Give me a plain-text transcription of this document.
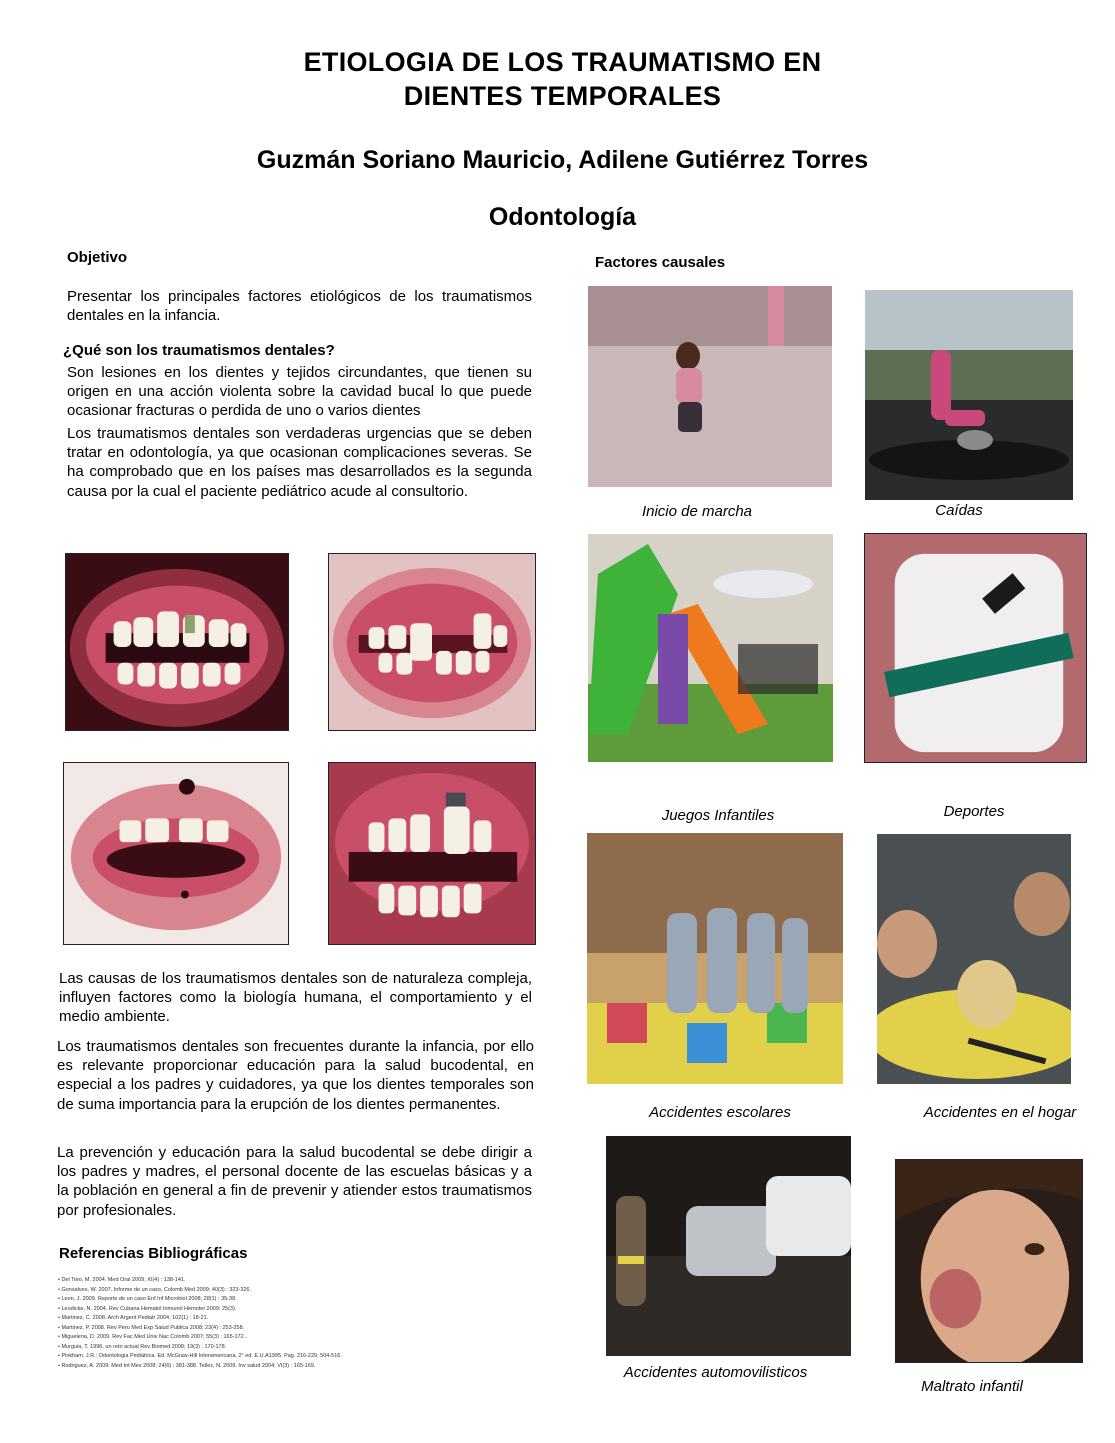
ETIOLOGIA DE LOS TRAUMATISMO EN
DIENTES TEMPORALES
Guzmán Soriano Mauricio, Adilene Gutiérrez Torres
Odontología
Objetivo
Presentar los principales factores etiológicos de los traumatismos dentales en la infancia.
¿Qué son los traumatismos dentales?
Son lesiones en los dientes y tejidos circundantes, que tienen su origen en una acción violenta sobre la cavidad bucal lo que puede ocasionar fracturas o perdida de uno o varios dientes
Los traumatismos dentales son verdaderas urgencias que se deben tratar en odontología, ya que ocasionan complicaciones severas. Se ha comprobado que en los países mas desarrollados es la segunda causa por la cual el paciente pediátrico acude al consultorio.
Las causas de los traumatismos dentales son de naturaleza compleja, influyen factores como la biología humana, el comportamiento y el medio ambiente.
Los traumatismos dentales son frecuentes durante la infancia, por ello es relevante proporcionar educación para la salud bucodental, en especial a los padres y cuidadores, ya que los dientes temporales son de suma importancia para la erupción de los dientes permanentes.
La prevención y educación para la salud bucodental se debe dirigir a los padres y madres, el personal docente de las escuelas básicas y a la población en general a fin de prevenir y atiender estos traumatismos por profesionales.
Referencias Bibliográficas
• Del Toro, M. 2004. Med Oral 2009; XI(4) : 138-141.
• Gonsalves, W. 2007. Informe de un caso, Colomb Med 2009; 40(3) : 323-326.
• Leon, J. 2009. Reporte de un caso Enf Inf Microbiol 2008; 28(1) : 35-38.
• Leudicke, N. 2004. Rev Cubana Hematol Inmunol Hemoter 2009; 25(3).
• Martinez, C. 2008. Arch Argent Pediatr 2004; 102(1) : 18-21.
• Martinez, P. 2008. Rev Peru Med Exp Salud Publica 2008; 23(4) : 253-258.
• Miguelena, D. 2009. Rev Fac Med Univ Nac Colomb 2007; 55(3) : 165-172..
• Murguia, T. 1996. un reto actual Rev Biomed 2008; 19(3) : 170-178.
• Pinkham, J.R.: Odontologia Pediátrica. Ed. McGraw-Hill Interamericana. 2° ed. E.U.A1995. Pag. 216-229, 504-516.
• Rodriguez, A. 2009. Med Int Mex 2008; 24(6) : 381-388. Tellez, N. 2009. Inv salud 2004; VI(3) : 165-169.
Factores causales
Inicio de marcha	Caídas
Juegos Infantiles	Deportes
Accidentes escolares	Accidentes en el hogar
Accidentes automovilisticos
Maltrato infantil
